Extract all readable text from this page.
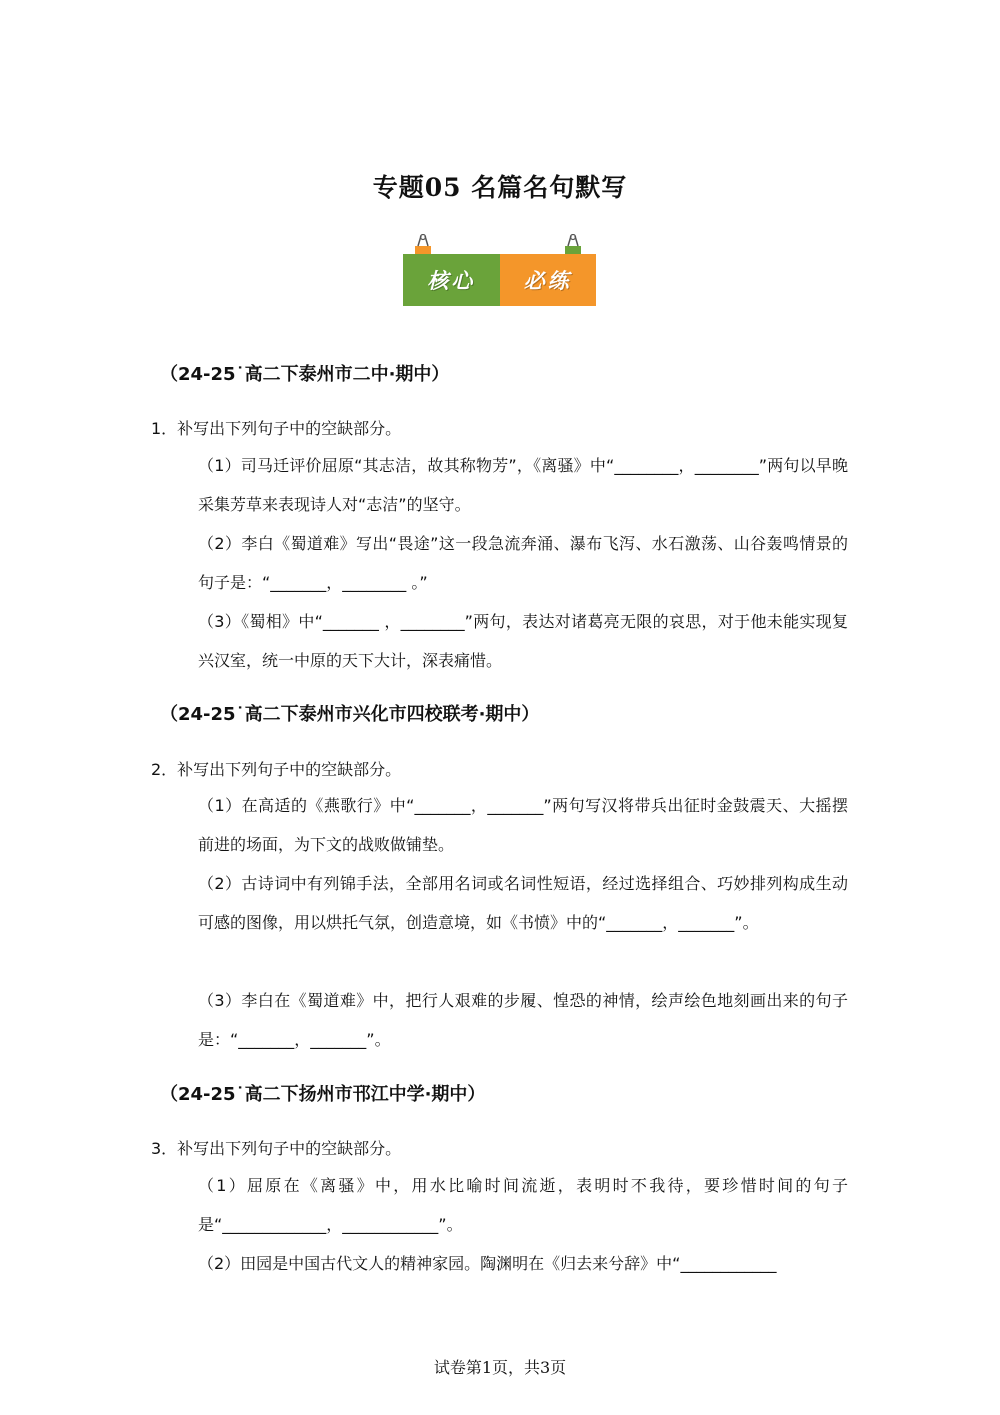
专题05 名篇名句默写
核心	必练
（24-25˙高二下泰州市二中·期中）
1．补写出下列句子中的空缺部分。
（1）司马迁评价屈原“其志洁，故其称物芳”，《离骚》中“________，________”两句以早晚采集芳草来表现诗人对“志洁”的坚守。
（2）李白《蜀道难》写出“畏途”这一段急流奔涌、瀑布飞泻、水石激荡、山谷轰鸣情景的句子是：“_______，________ 。”
（3）《蜀相》中“_______ ，________”两句，表达对诸葛亮无限的哀思，对于他未能实现复兴汉室，统一中原的天下大计，深表痛惜。
（24-25˙高二下泰州市兴化市四校联考·期中）
2．补写出下列句子中的空缺部分。
（1）在高适的《燕歌行》中“_______，_______”两句写汉将带兵出征时金鼓震天、大摇摆前进的场面，为下文的战败做铺垫。
（2）古诗词中有列锦手法，全部用名词或名词性短语，经过选择组合、巧妙排列构成生动可感的图像，用以烘托气氛，创造意境，如《书愤》中的“_______，_______”。
（3）李白在《蜀道难》中，把行人艰难的步履、惶恐的神情，绘声绘色地刻画出来的句子是：“_______，_______”。
（24-25˙高二下扬州市邗江中学·期中）
3．补写出下列句子中的空缺部分。
（1）屈原在《离骚》中，用水比喻时间流逝，表明时不我待，要珍惜时间的句子是“_____________，____________”。
（2）田园是中国古代文人的精神家园。陶渊明在《归去来兮辞》中“____________
试卷第1页，共3页
